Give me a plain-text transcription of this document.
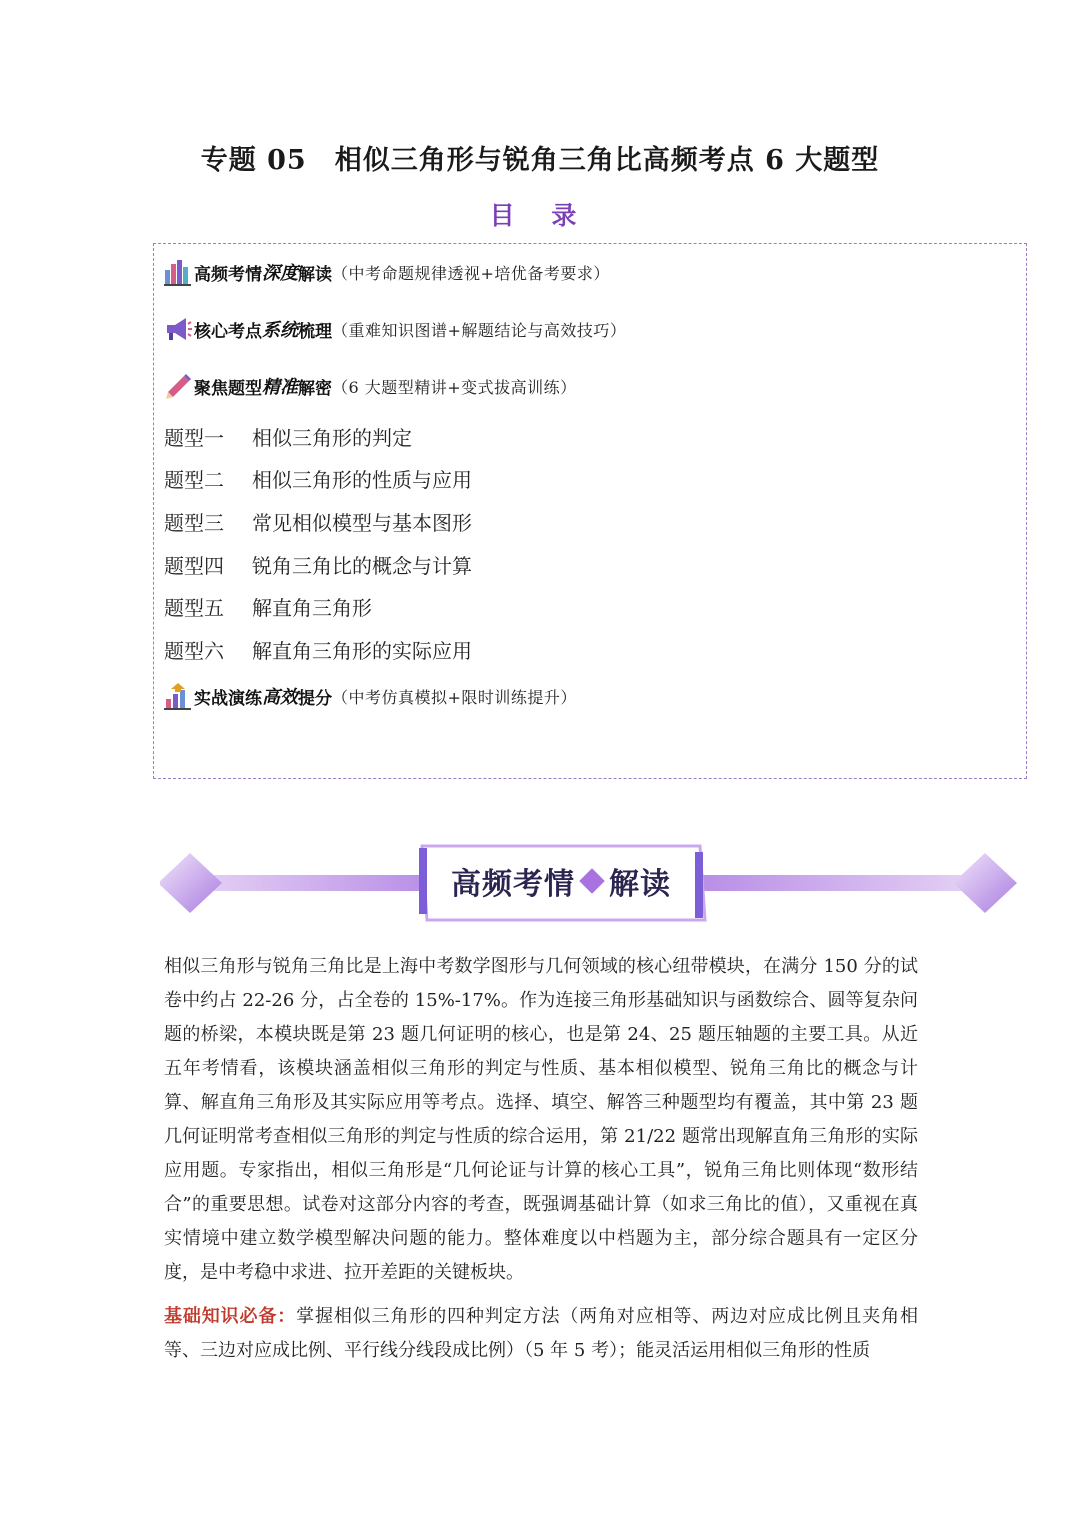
专题 05　相似三角形与锐角三角比高频考点 6 大题型
目 录
高频考情 深度 解读 （中考命题规律透视+培优备考要求）
核心考点 系统 梳理 （重难知识图谱+解题结论与高效技巧）
聚焦题型 精准 解密 （6 大题型精讲+变式拔高训练）
题型一 相似三角形的判定
题型二 相似三角形的性质与应用
题型三 常见相似模型与基本图形
题型四 锐角三角比的概念与计算
题型五 解直角三角形
题型六 解直角三角形的实际应用
实战演练 高效 提分 （中考仿真模拟+限时训练提升）
高频考情 解读
相似三角形与锐角三角比是上海中考数学图形与几何领域的核心纽带模块，在满分 150 分的试卷中约占 22-26 分，占全卷的 15%-17%。作为连接三角形基础知识与函数综合、圆等复杂问题的桥梁，本模块既是第 23 题几何证明的核心，也是第 24、25 题压轴题的主要工具。从近五年考情看，该模块涵盖相似三角形的判定与性质、基本相似模型、锐角三角比的概念与计算、解直角三角形及其实际应用等考点。选择、填空、解答三种题型均有覆盖，其中第 23 题几何证明常考查相似三角形的判定与性质的综合运用，第 21/22 题常出现解直角三角形的实际应用题。专家指出，相似三角形是“几何论证与计算的核心工具”，锐角三角比则体现“数形结合”的重要思想。试卷对这部分内容的考查，既强调基础计算（如求三角比的值），又重视在真实情境中建立数学模型解决问题的能力。整体难度以中档题为主，部分综合题具有一定区分度，是中考稳中求进、拉开差距的关键板块。
基础知识必备：掌握相似三角形的四种判定方法（两角对应相等、两边对应成比例且夹角相等、三边对应成比例、平行线分线段成比例）（5 年 5 考）；能灵活运用相似三角形的性质
